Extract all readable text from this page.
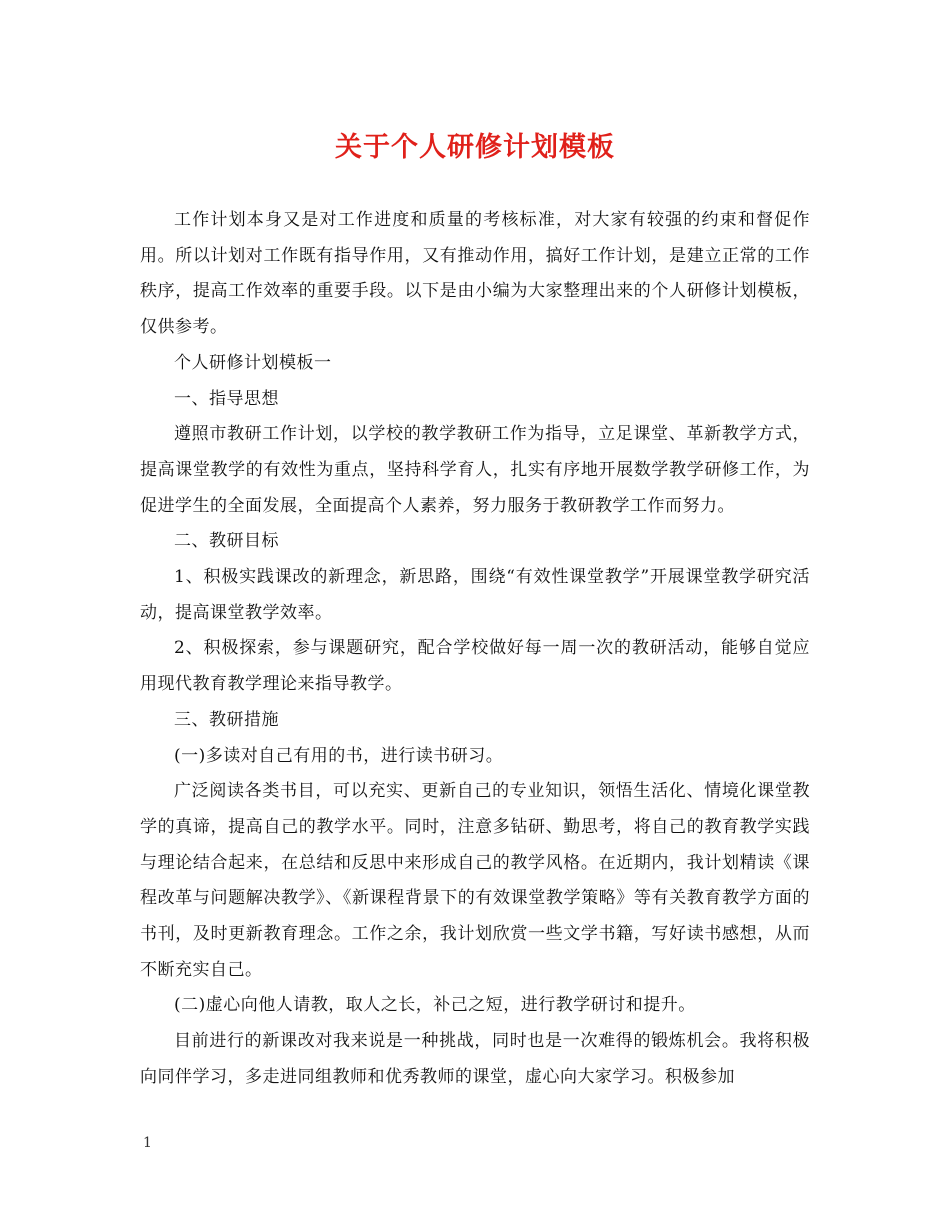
关于个人研修计划模板

工作计划本身又是对工作进度和质量的考核标准，对大家有较强的约束和督促作用。所以计划对工作既有指导作用，又有推动作用，搞好工作计划，是建立正常的工作秩序，提高工作效率的重要手段。以下是由小编为大家整理出来的个人研修计划模板，仅供参考。

个人研修计划模板一

一、指导思想

遵照市教研工作计划，以学校的教学教研工作为指导，立足课堂、革新教学方式，提高课堂教学的有效性为重点，坚持科学育人，扎实有序地开展数学教学研修工作，为促进学生的全面发展，全面提高个人素养，努力服务于教研教学工作而努力。

二、教研目标

1、积极实践课改的新理念，新思路，围绕“有效性课堂教学”开展课堂教学研究活动，提高课堂教学效率。

2、积极探索，参与课题研究，配合学校做好每一周一次的教研活动，能够自觉应用现代教育教学理论来指导教学。

三、教研措施

(一)多读对自己有用的书，进行读书研习。

广泛阅读各类书目，可以充实、更新自己的专业知识，领悟生活化、情境化课堂教学的真谛，提高自己的教学水平。同时，注意多钻研、勤思考，将自己的教育教学实践与理论结合起来，在总结和反思中来形成自己的教学风格。在近期内，我计划精读《课程改革与问题解决教学》、《新课程背景下的有效课堂教学策略》等有关教育教学方面的书刊，及时更新教育理念。工作之余，我计划欣赏一些文学书籍，写好读书感想，从而不断充实自己。

(二)虚心向他人请教，取人之长，补己之短，进行教学研讨和提升。

目前进行的新课改对我来说是一种挑战，同时也是一次难得的锻炼机会。我将积极向同伴学习，多走进同组教师和优秀教师的课堂，虚心向大家学习。积极参加

1
